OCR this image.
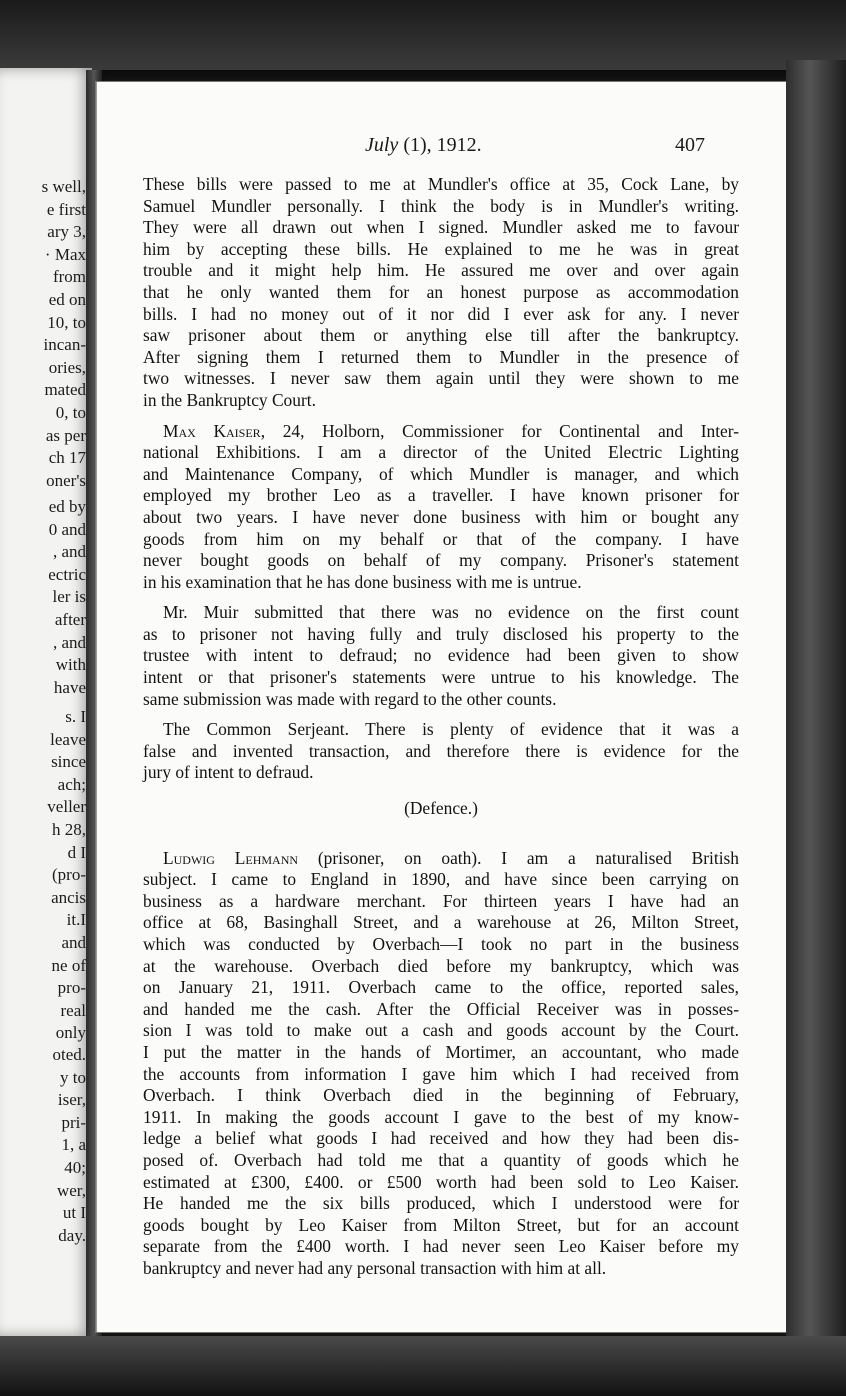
s well,
e first
ary 3,
· Max
from
ed on
10, to
incan-
ories,
mated
0, to
as per
ch 17
oner's
ed by
0 and
, and
ectric
ler is
after
, and
with
have
s. I
leave
since
ach;
veller
h 28,
d I
(pro-
ancis
it.I
and
ne of
pro-
real
only
oted.
y to
iser,
pri-
1, a
40;
wer,
ut I
day.
July (1), 1912.	407
These bills were passed to me at Mundler's office at 35, Cock Lane, by
Samuel Mundler personally. I think the body is in Mundler's writing.
They were all drawn out when I signed. Mundler asked me to favour
him by accepting these bills. He explained to me he was in great
trouble and it might help him. He assured me over and over again
that he only wanted them for an honest purpose as accommodation
bills. I had no money out of it nor did I ever ask for any. I never
saw prisoner about them or anything else till after the bankruptcy.
After signing them I returned them to Mundler in the presence of
two witnesses. I never saw them again until they were shown to me
in the Bankruptcy Court.
Max Kaiser, 24, Holborn, Commissioner for Continental and Inter-
national Exhibitions. I am a director of the United Electric Lighting
and Maintenance Company, of which Mundler is manager, and which
employed my brother Leo as a traveller. I have known prisoner for
about two years. I have never done business with him or bought any
goods from him on my behalf or that of the company. I have
never bought goods on behalf of my company. Prisoner's statement
in his examination that he has done business with me is untrue.
Mr. Muir submitted that there was no evidence on the first count
as to prisoner not having fully and truly disclosed his property to the
trustee with intent to defraud; no evidence had been given to show
intent or that prisoner's statements were untrue to his knowledge. The
same submission was made with regard to the other counts.
The Common Serjeant. There is plenty of evidence that it was a
false and invented transaction, and therefore there is evidence for the
jury of intent to defraud.
(Defence.)
Ludwig Lehmann (prisoner, on oath). I am a naturalised British
subject. I came to England in 1890, and have since been carrying on
business as a hardware merchant. For thirteen years I have had an
office at 68, Basinghall Street, and a warehouse at 26, Milton Street,
which was conducted by Overbach—I took no part in the business
at the warehouse. Overbach died before my bankruptcy, which was
on January 21, 1911. Overbach came to the office, reported sales,
and handed me the cash. After the Official Receiver was in posses-
sion I was told to make out a cash and goods account by the Court.
I put the matter in the hands of Mortimer, an accountant, who made
the accounts from information I gave him which I had received from
Overbach. I think Overbach died in the beginning of February,
1911. In making the goods account I gave to the best of my know-
ledge a belief what goods I had received and how they had been dis-
posed of. Overbach had told me that a quantity of goods which he
estimated at £300, £400. or £500 worth had been sold to Leo Kaiser.
He handed me the six bills produced, which I understood were for
goods bought by Leo Kaiser from Milton Street, but for an account
separate from the £400 worth. I had never seen Leo Kaiser before my
bankruptcy and never had any personal transaction with him at all.
